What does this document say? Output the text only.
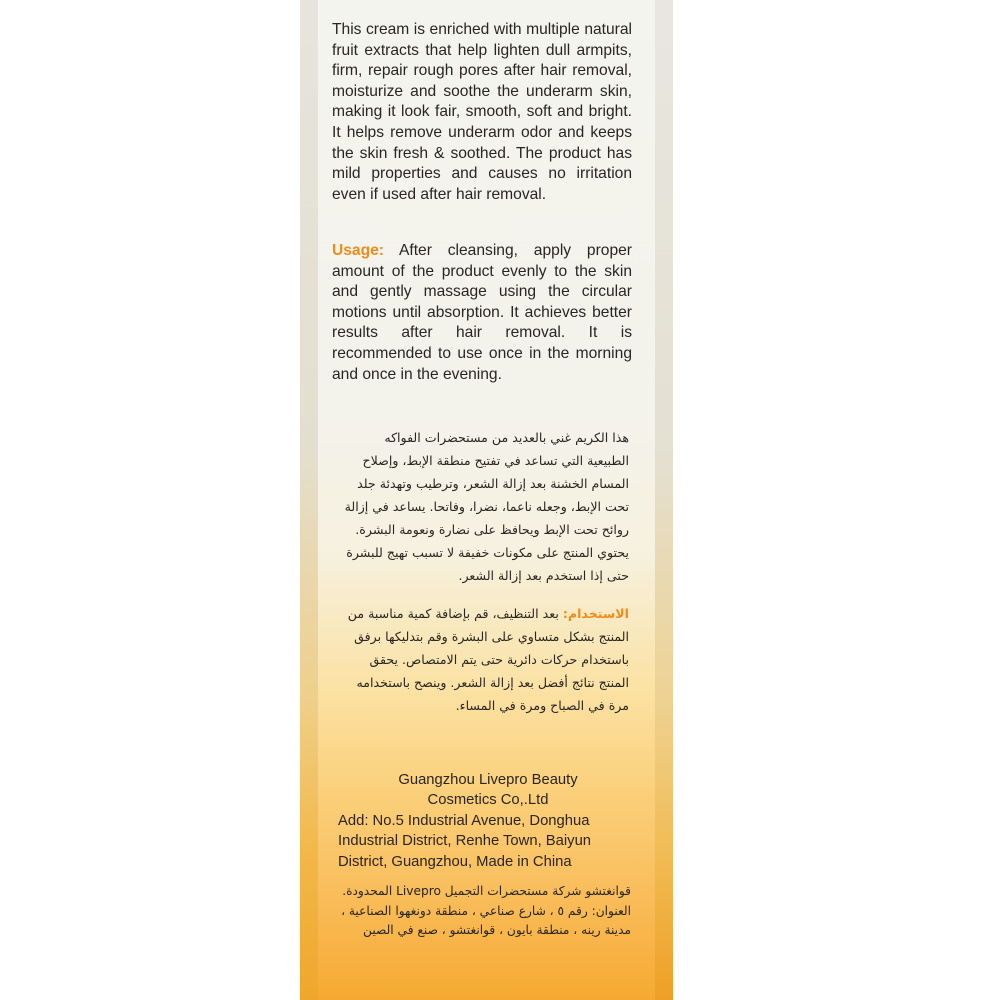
This cream is enriched with multiple natural fruit extracts that help lighten dull armpits, firm, repair rough pores after hair removal, moisturize and soothe the underarm skin, making it look fair, smooth, soft and bright. It helps remove underarm odor and keeps the skin fresh & soothed. The product has mild properties and causes no irritation even if used after hair removal.

Usage: After cleansing, apply proper amount of the product evenly to the skin and gently massage using the circular motions until absorption. It achieves better results after hair removal. It is recommended to use once in the morning and once in the evening.

هذا الكريم غني بالعديد من مستحضرات الفواكه الطبيعية التي تساعد في تفتيح منطقة الإبط، وإصلاح المسام الخشنة بعد إزالة الشعر، وترطيب وتهدئة جلد تحت الإبط، وجعله ناعما، نضرا، وفاتحا. يساعد في إزالة روائح تحت الإبط ويحافظ على نضارة ونعومة البشرة. يحتوي المنتج على مكونات خفيفة لا تسبب تهيج للبشرة حتى إذا استخدم بعد إزالة الشعر.

الاستخدام: بعد التنظيف، قم بإضافة كمية مناسبة من المنتج بشكل متساوي على البشرة وقم بتدليكها برفق باستخدام حركات دائرية حتى يتم الامتصاص. يحقق المنتج نتائج أفضل بعد إزالة الشعر. وينصح باستخدامه مرة في الصباح ومرة في المساء.

Guangzhou Livepro Beauty
Cosmetics Co,.Ltd
Add: No.5 Industrial Avenue, Donghua
Industrial District, Renhe Town, Baiyun
District, Guangzhou, Made in China

قوانغتشو شركة مستحضرات التجميل Livepro المحدودة. العنوان: رقم ٥ ، شارع صناعي ، منطقة دونغهوا الصناعية ، مدينة رينه ، منطقة بايون ، قوانغتشو ، صنع في الصين
